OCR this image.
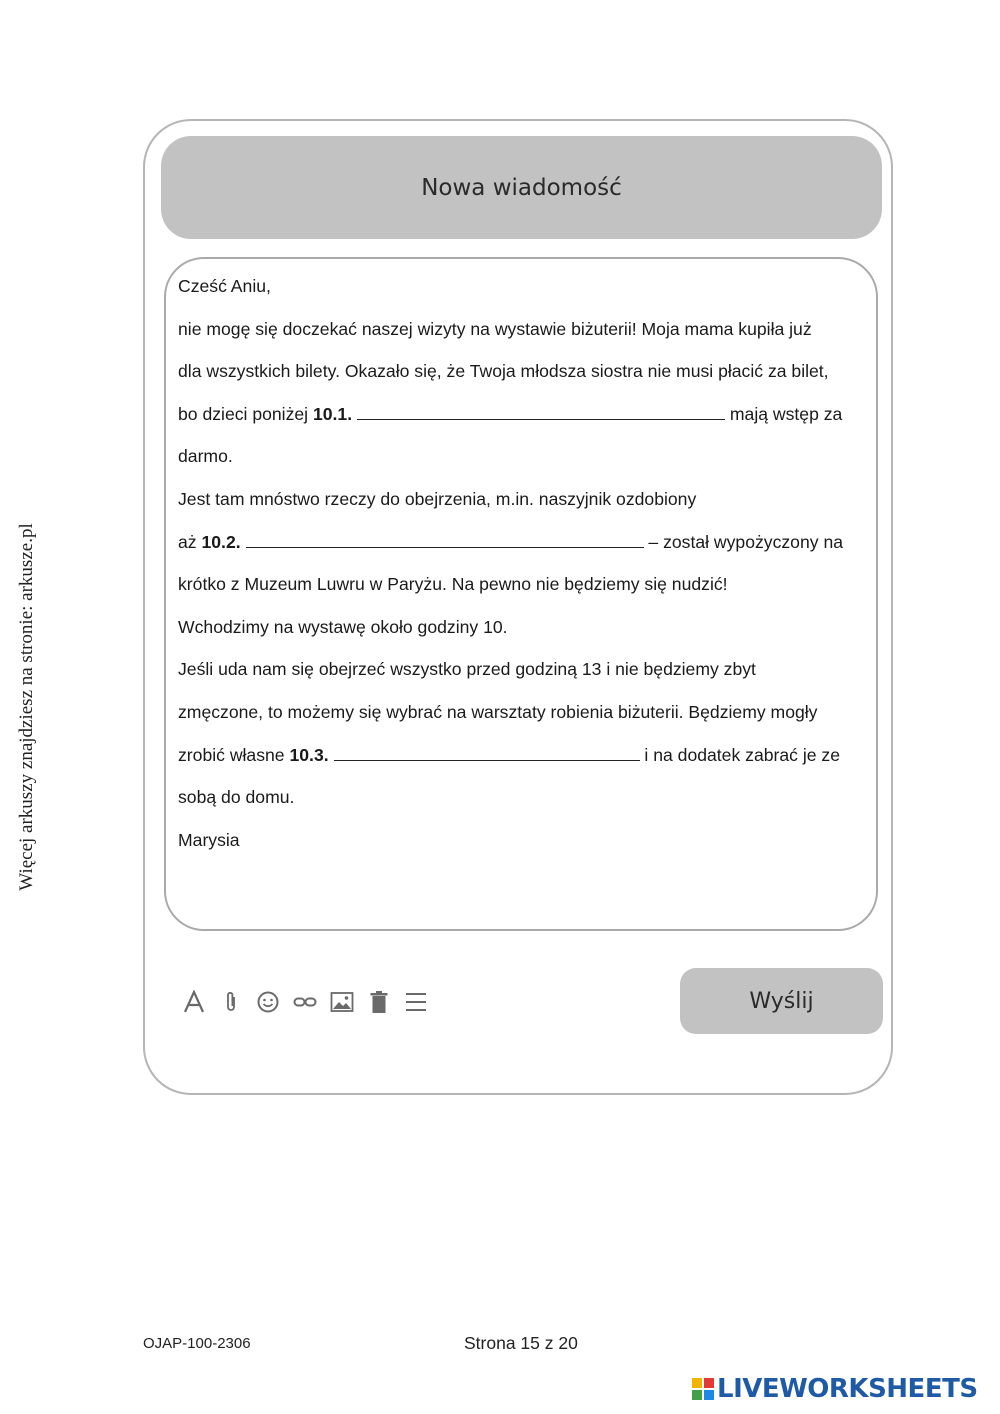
Więcej arkuszy znajdziesz na stronie: arkusze.pl
Nowa wiadomość
Cześć Aniu,
nie mogę się doczekać naszej wizyty na wystawie biżuterii! Moja mama kupiła już
dla wszystkich bilety. Okazało się, że Twoja młodsza siostra nie musi płacić za bilet,
bo dzieci poniżej 10.1.	mają wstęp za
darmo.
Jest tam mnóstwo rzeczy do obejrzenia, m.in. naszyjnik ozdobiony
aż 10.2.	– został wypożyczony na
krótko z Muzeum Luwru w Paryżu. Na pewno nie będziemy się nudzić!
Wchodzimy na wystawę około godziny 10.
Jeśli uda nam się obejrzeć wszystko przed godziną 13 i nie będziemy zbyt
zmęczone, to możemy się wybrać na warsztaty robienia biżuterii. Będziemy mogły
zrobić własne 10.3.	i na dodatek zabrać je ze
sobą do domu.
Marysia
Wyślij
OJAP-100-2306	Strona 15 z 20
LIVEWORKSHEETS
